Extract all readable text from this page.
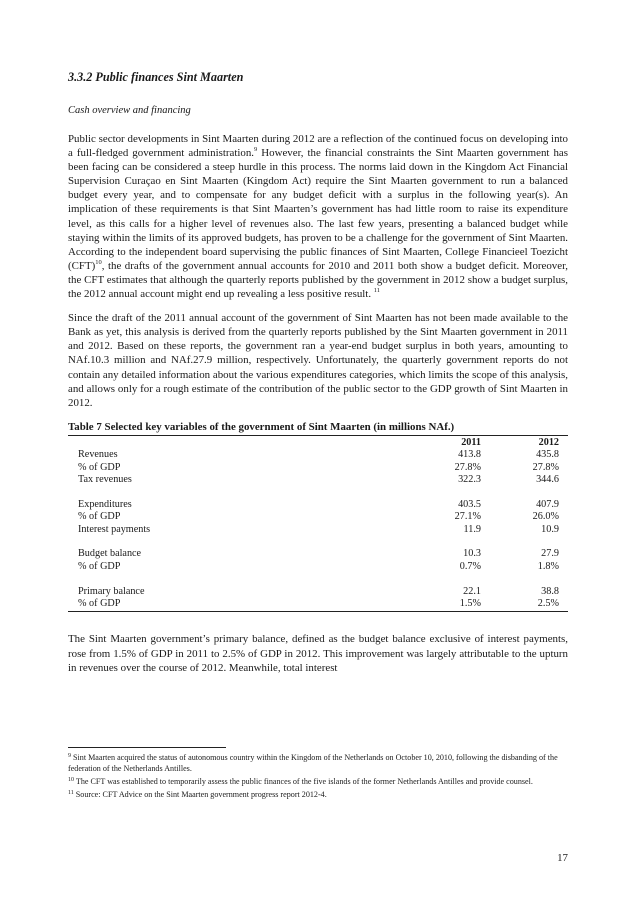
3.3.2 Public finances Sint Maarten
Cash overview and financing

Public sector developments in Sint Maarten during 2012 are a reflection of the continued focus on developing into a full-fledged government administration.$^9$ However, the financial constraints the Sint Maarten government has been facing can be considered a steep hurdle in this process. The norms laid down in the Kingdom Act Financial Supervision Curaçao en Sint Maarten (Kingdom Act) require the Sint Maarten government to run a balanced budget every year, and to compensate for any budget deficit with a surplus in the following year(s). An implication of these requirements is that Sint Maarten’s government has had little room to raise its expenditure level, as this calls for a higher level of revenues also. The last few years, presenting a balanced budget while staying within the limits of its approved budgets, has proven to be a challenge for the government of Sint Maarten. According to the independent board supervising the public finances of Sint Maarten, College Financieel Toezicht (CFT)$^{10}$, the drafts of the government annual accounts for 2010 and 2011 both show a budget deficit. Moreover, the CFT estimates that although the quarterly reports published by the government in 2012 show a budget surplus, the 2012 annual account might end up revealing a less positive result. $^{11}$

Since the draft of the 2011 annual account of the government of Sint Maarten has not been made available to the Bank as yet, this analysis is derived from the quarterly reports published by the Sint Maarten government in 2011 and 2012. Based on these reports, the government ran a year-end budget surplus in both years, amounting to NAf.10.3 million and NAf.27.9 million, respectively. Unfortunately, the quarterly government reports do not contain any detailed information about the various expenditures categories, which limits the scope of this analysis, and allows only for a rough estimate of the contribution of the public sector to the GDP growth of Sint Maarten in 2012.

Table 7 Selected key variables of the government of Sint Maarten (in millions NAf.)
	2011	2012
Revenues	413.8	435.8
% of GDP	27.8%	27.8%
Tax revenues	322.3	344.6

Expenditures	403.5	407.9
% of GDP	27.1%	26.0%
Interest payments	11.9	10.9

Budget balance	10.3	27.9
% of GDP	0.7%	1.8%

Primary balance	22.1	38.8
% of GDP	1.5%	2.5%

The Sint Maarten government’s primary balance, defined as the budget balance exclusive of interest payments, rose from 1.5% of GDP in 2011 to 2.5% of GDP in 2012. This improvement was largely attributable to the upturn in revenues over the course of 2012. Meanwhile, total interest

$^9$ Sint Maarten acquired the status of autonomous country within the Kingdom of the Netherlands on October 10, 2010, following the disbanding of the federation of the Netherlands Antilles.
$^{10}$ The CFT was established to temporarily assess the public finances of the five islands of the former Netherlands Antilles and provide counsel.
$^{11}$ Source: CFT Advice on the Sint Maarten government progress report 2012-4.
17
